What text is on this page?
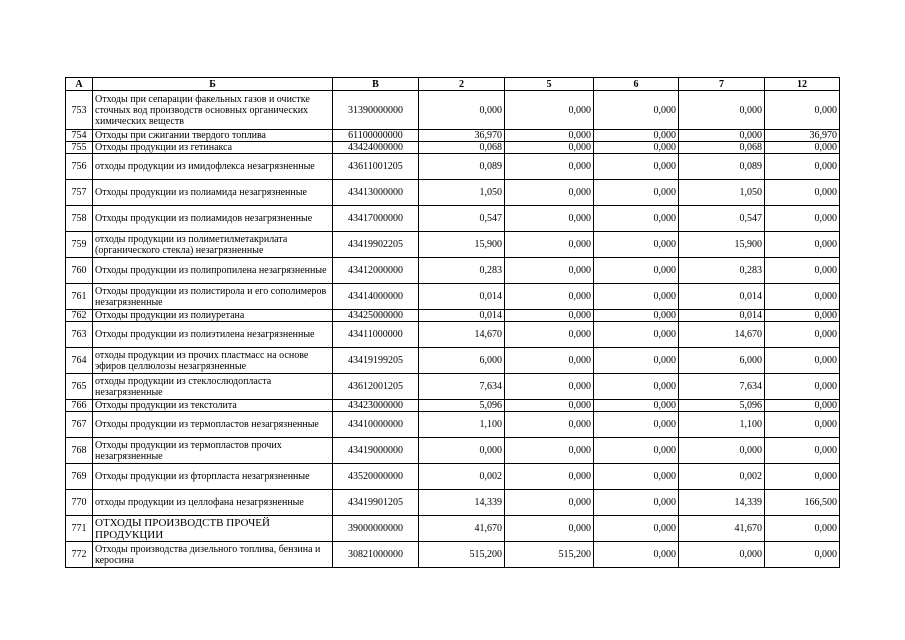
А	Б	В	2	5	6	7	12
753	Отходы при сепарации факельных газов и очистке сточных вод производств основных органических химических веществ	31390000000	0,000	0,000	0,000	0,000	0,000
754	Отходы при сжигании твердого топлива	61100000000	36,970	0,000	0,000	0,000	36,970
755	Отходы продукции из гетинакса	43424000000	0,068	0,000	0,000	0,068	0,000
756	отходы продукции из имидофлекса незагрязненные	43611001205	0,089	0,000	0,000	0,089	0,000
757	Отходы продукции из полиамида незагрязненные	43413000000	1,050	0,000	0,000	1,050	0,000
758	Отходы продукции из полиамидов незагрязненные	43417000000	0,547	0,000	0,000	0,547	0,000
759	отходы продукции из полиметилметакрилата (органического стекла) незагрязненные	43419902205	15,900	0,000	0,000	15,900	0,000
760	Отходы продукции из полипропилена незагрязненные	43412000000	0,283	0,000	0,000	0,283	0,000
761	Отходы продукции из полистирола и его сополимеров незагрязненные	43414000000	0,014	0,000	0,000	0,014	0,000
762	Отходы продукции из полиуретана	43425000000	0,014	0,000	0,000	0,014	0,000
763	Отходы продукции из полиэтилена незагрязненные	43411000000	14,670	0,000	0,000	14,670	0,000
764	отходы продукции из прочих пластмасс на основе эфиров целлюлозы незагрязненные	43419199205	6,000	0,000	0,000	6,000	0,000
765	отходы продукции из стеклослюдопласта незагрязненные	43612001205	7,634	0,000	0,000	7,634	0,000
766	Отходы продукции из текстолита	43423000000	5,096	0,000	0,000	5,096	0,000
767	Отходы продукции из термопластов незагрязненные	43410000000	1,100	0,000	0,000	1,100	0,000
768	Отходы продукции из термопластов прочих незагрязненные	43419000000	0,000	0,000	0,000	0,000	0,000
769	Отходы продукции из фторпласта незагрязненные	43520000000	0,002	0,000	0,000	0,002	0,000
770	отходы продукции из целлофана незагрязненные	43419901205	14,339	0,000	0,000	14,339	166,500
771	ОТХОДЫ ПРОИЗВОДСТВ ПРОЧЕЙ ПРОДУКЦИИ	39000000000	41,670	0,000	0,000	41,670	0,000
772	Отходы производства дизельного топлива, бензина и керосина	30821000000	515,200	515,200	0,000	0,000	0,000
